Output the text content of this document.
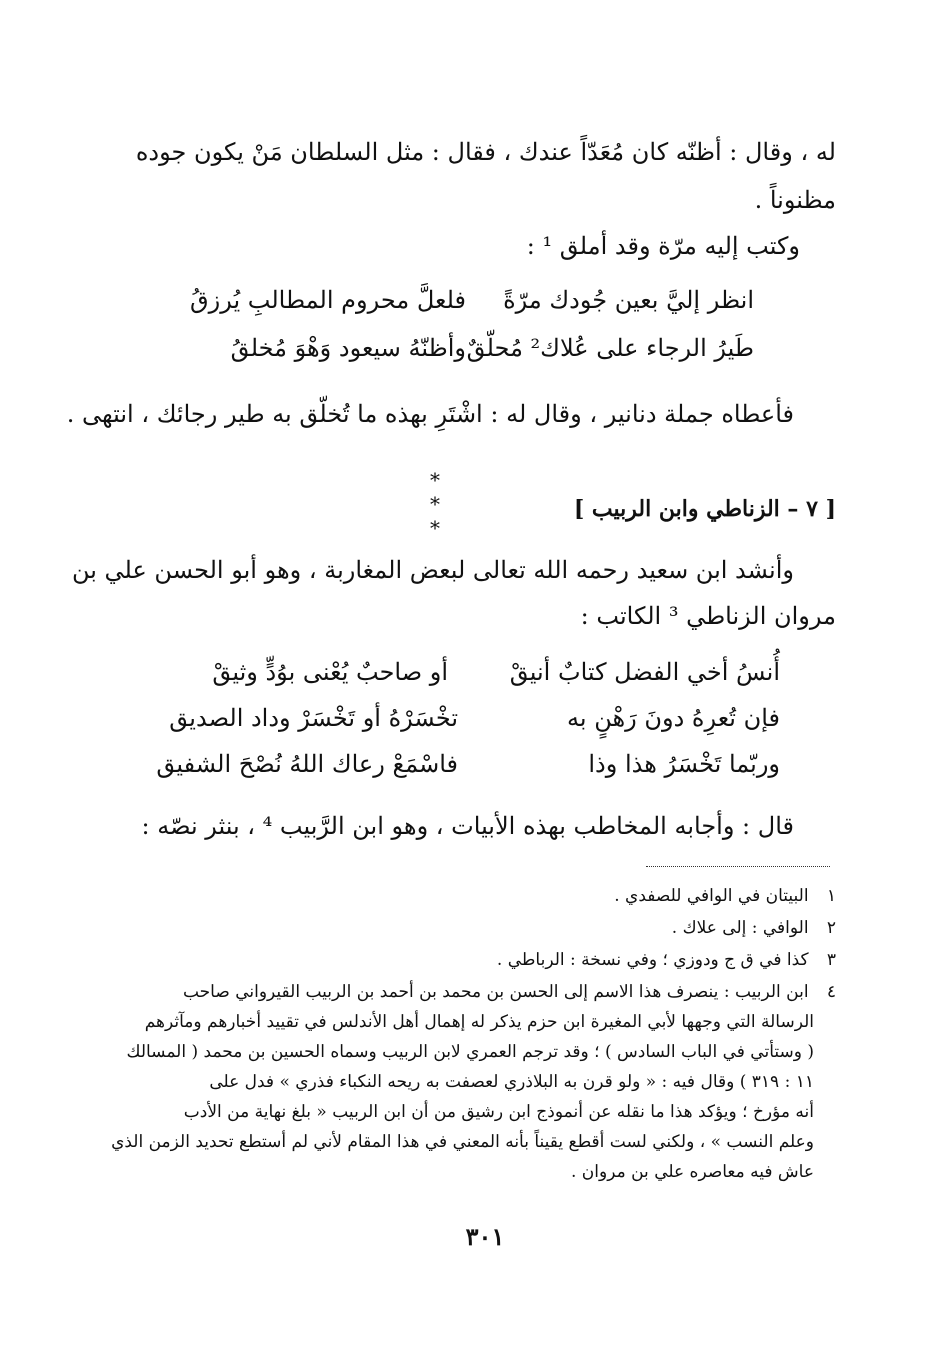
له ، وقال : أظنّه كان مُعَدّاً عندك ، فقال : مثل السلطان مَنْ يكون جوده
مظنوناً .
وكتب إليه مرّة وقد أملق ¹ :
انظر إليَّ بعين جُودك مرّةً
فلعلَّ محروم المطالبِ يُرزقُ
طَيرُ الرجاء على عُلاك² مُحلّقٌ
وأظنّهُ سيعود وَهْوَ مُخلقُ
فأعطاه جملة دنانير ، وقال له : اشْتَرِ بهذه ما تُخلّق به طير رجائك ، انتهى .
* * *
[ ٧ – الزناطي وابن الربيب ]
وأنشد ابن سعيد رحمه الله تعالى لبعض المغاربة ، وهو أبو الحسن علي بن
مروان الزناطي ³ الكاتب :
أُنسُ أخي الفضل كتابٌ أنيقْ
أو صاحبٌ يُعْنى بوُدٍّ وثيقْ
فإن تُعرِهُ دونَ رَهْنٍ به
تخْسَرْهُ أو تَخْسَرْ وداد الصديق
وربّما تَخْسَرُ هذا وذا
فاسْمَعْ رعاك اللهُ نُصْحَ الشفيق
قال : وأجابه المخاطب بهذه الأبيات ، وهو ابن الرَّبيب ⁴ ، بنثر نصّه :
١ البيتان في الوافي للصفدي .
٢ الوافي : إلى علاك .
٣ كذا في ق ج ودوزي ؛ وفي نسخة : الرباطي .
٤ ابن الربيب : ينصرف هذا الاسم إلى الحسن بن محمد بن أحمد بن الربيب القيرواني صاحب
الرسالة التي وجهها لأبي المغيرة ابن حزم يذكر له إهمال أهل الأندلس في تقييد أخبارهم ومآثرهم
( وستأتي في الباب السادس ) ؛ وقد ترجم العمري لابن الربيب وسماه الحسين بن محمد ( المسالك
١١ : ٣١٩ ) وقال فيه : « ولو قرن به البلاذري لعصفت به ريحه النكباء فذري » فدل على
أنه مؤرخ ؛ ويؤكد هذا ما نقله عن أنموذج ابن رشيق من أن ابن الربيب « بلغ نهاية من الأدب
وعلم النسب » ، ولكني لست أقطع يقيناً بأنه المعني في هذا المقام لأني لم أستطع تحديد الزمن الذي
عاش فيه معاصره علي بن مروان .
٣٠١
